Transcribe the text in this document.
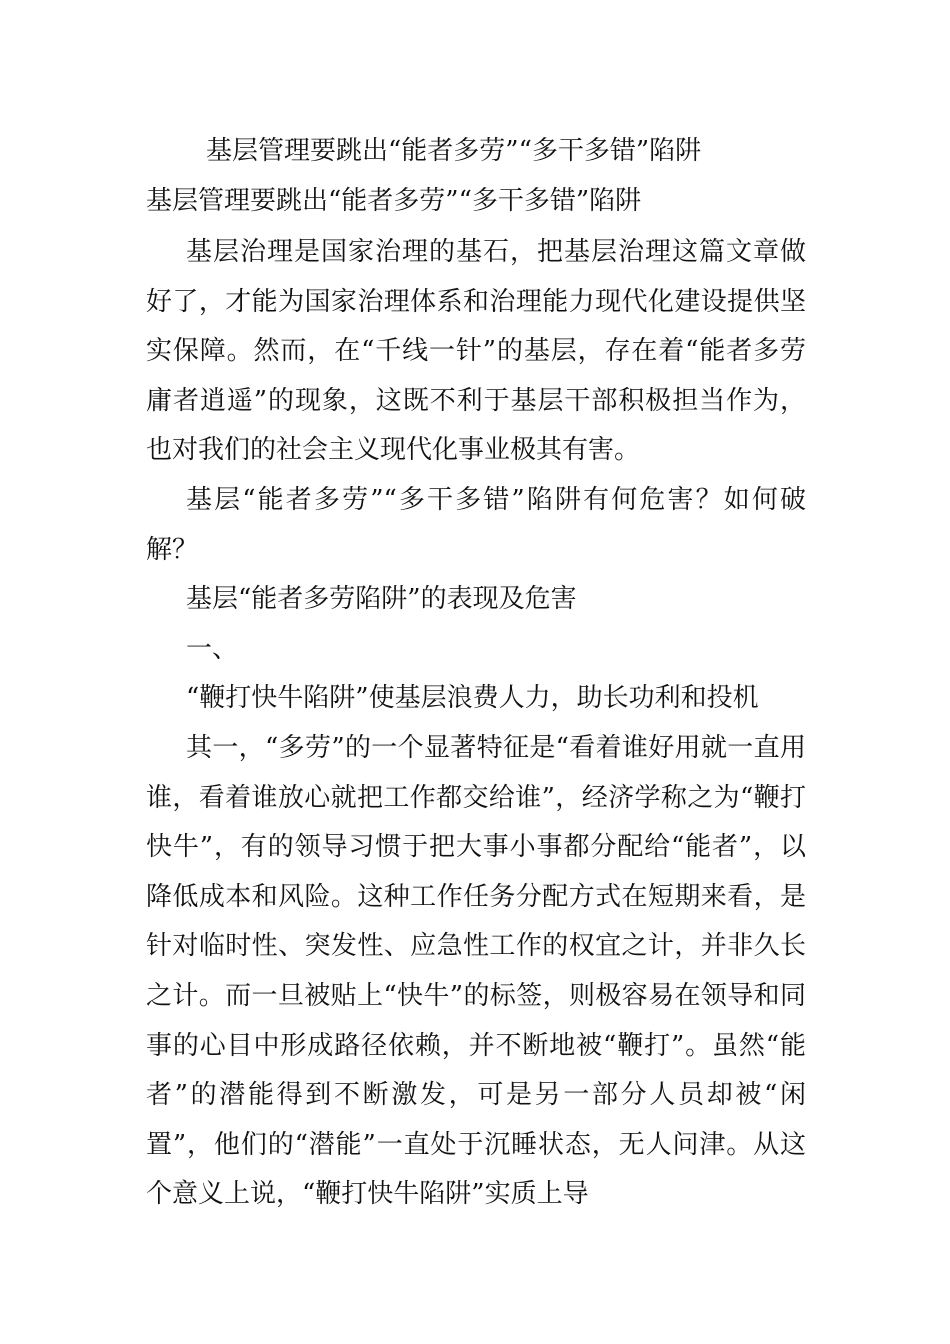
基层管理要跳出“能者多劳”“多干多错”陷阱
基层管理要跳出“能者多劳”“多干多错”陷阱

基层治理是国家治理的基石，把基层治理这篇文章做好了，才能为国家治理体系和治理能力现代化建设提供坚实保障。然而，在“千线一针”的基层，存在着“能者多劳庸者逍遥”的现象，这既不利于基层干部积极担当作为，也对我们的社会主义现代化事业极其有害。

基层“能者多劳”“多干多错”陷阱有何危害？如何破解？

基层“能者多劳陷阱”的表现及危害

一、

“鞭打快牛陷阱”使基层浪费人力，助长功利和投机

其一，“多劳”的一个显著特征是“看着谁好用就一直用谁，看着谁放心就把工作都交给谁”，经济学称之为“鞭打快牛”，有的领导习惯于把大事小事都分配给“能者”，以降低成本和风险。这种工作任务分配方式在短期来看，是针对临时性、突发性、应急性工作的权宜之计，并非久长之计。而一旦被贴上“快牛”的标签，则极容易在领导和同事的心目中形成路径依赖，并不断地被“鞭打”。虽然“能者”的潜能得到不断激发，可是另一部分人员却被“闲置”，他们的“潜能”一直处于沉睡状态，无人问津。从这个意义上说，“鞭打快牛陷阱”实质上导
